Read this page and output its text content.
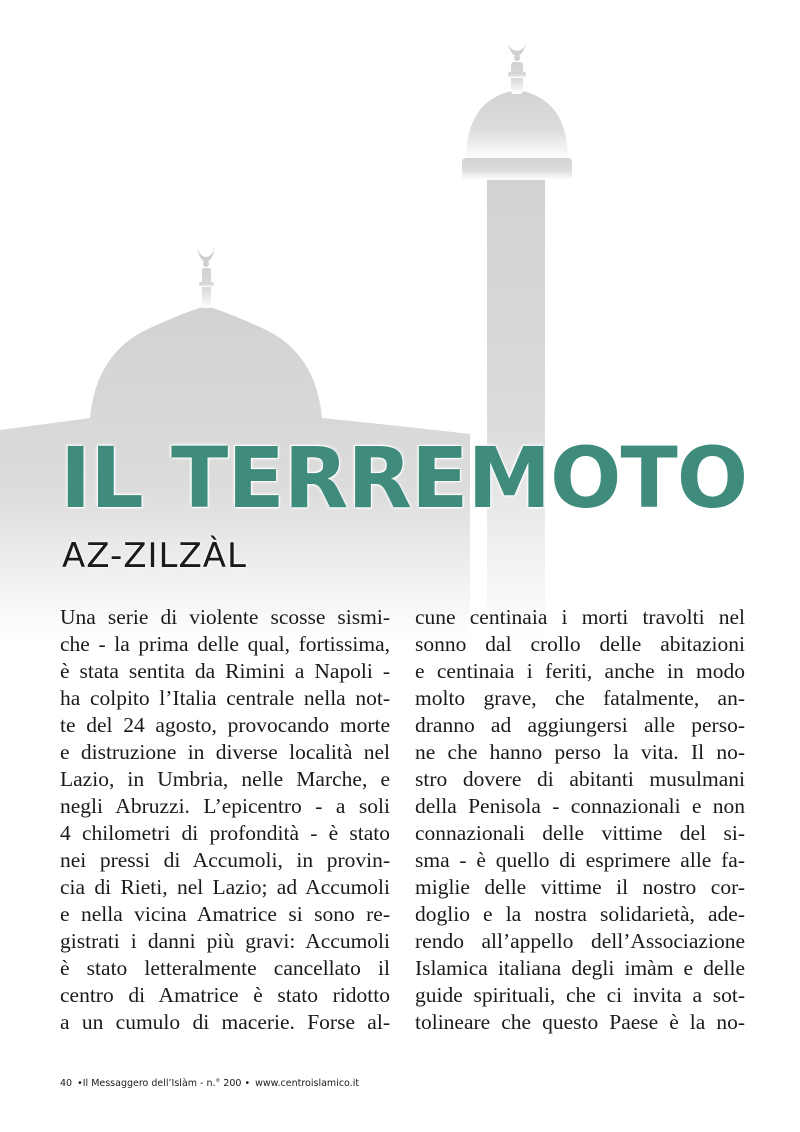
IL TERREMOTO
AZ-ZILZÀL
Una serie di violente scosse sismi-
che - la prima delle qual, fortissima,
è stata sentita da Rimini a Napoli -
ha colpito l’Italia centrale nella not-
te del 24 agosto, provocando morte
e distruzione in diverse località nel
Lazio, in Umbria, nelle Marche, e
negli Abruzzi. L’epicentro - a soli
4 chilometri di profondità - è stato
nei pressi di Accumoli, in provin-
cia di Rieti, nel Lazio; ad Accumoli
e nella vicina Amatrice si sono re-
gistrati i danni più gravi: Accumoli
è stato letteralmente cancellato il
centro di Amatrice è stato ridotto
a un cumulo di macerie. Forse al-
cune centinaia i morti travolti nel
sonno dal crollo delle abitazioni
e centinaia i feriti, anche in modo
molto grave, che fatalmente, an-
dranno ad aggiungersi alle perso-
ne che hanno perso la vita. Il no-
stro dovere di abitanti musulmani
della Penisola - connazionali e non
connazionali delle vittime del si-
sma - è quello di esprimere alle fa-
miglie delle vittime il nostro cor-
doglio e la nostra solidarietà, ade-
rendo all’appello dell’Associazione
Islamica italiana degli imàm e delle
guide spirituali, che ci invita a sot-
tolineare che questo Paese è la no-
40 •Il Messaggero dell’Islàm - n.° 200 • www.centroislamico.it
